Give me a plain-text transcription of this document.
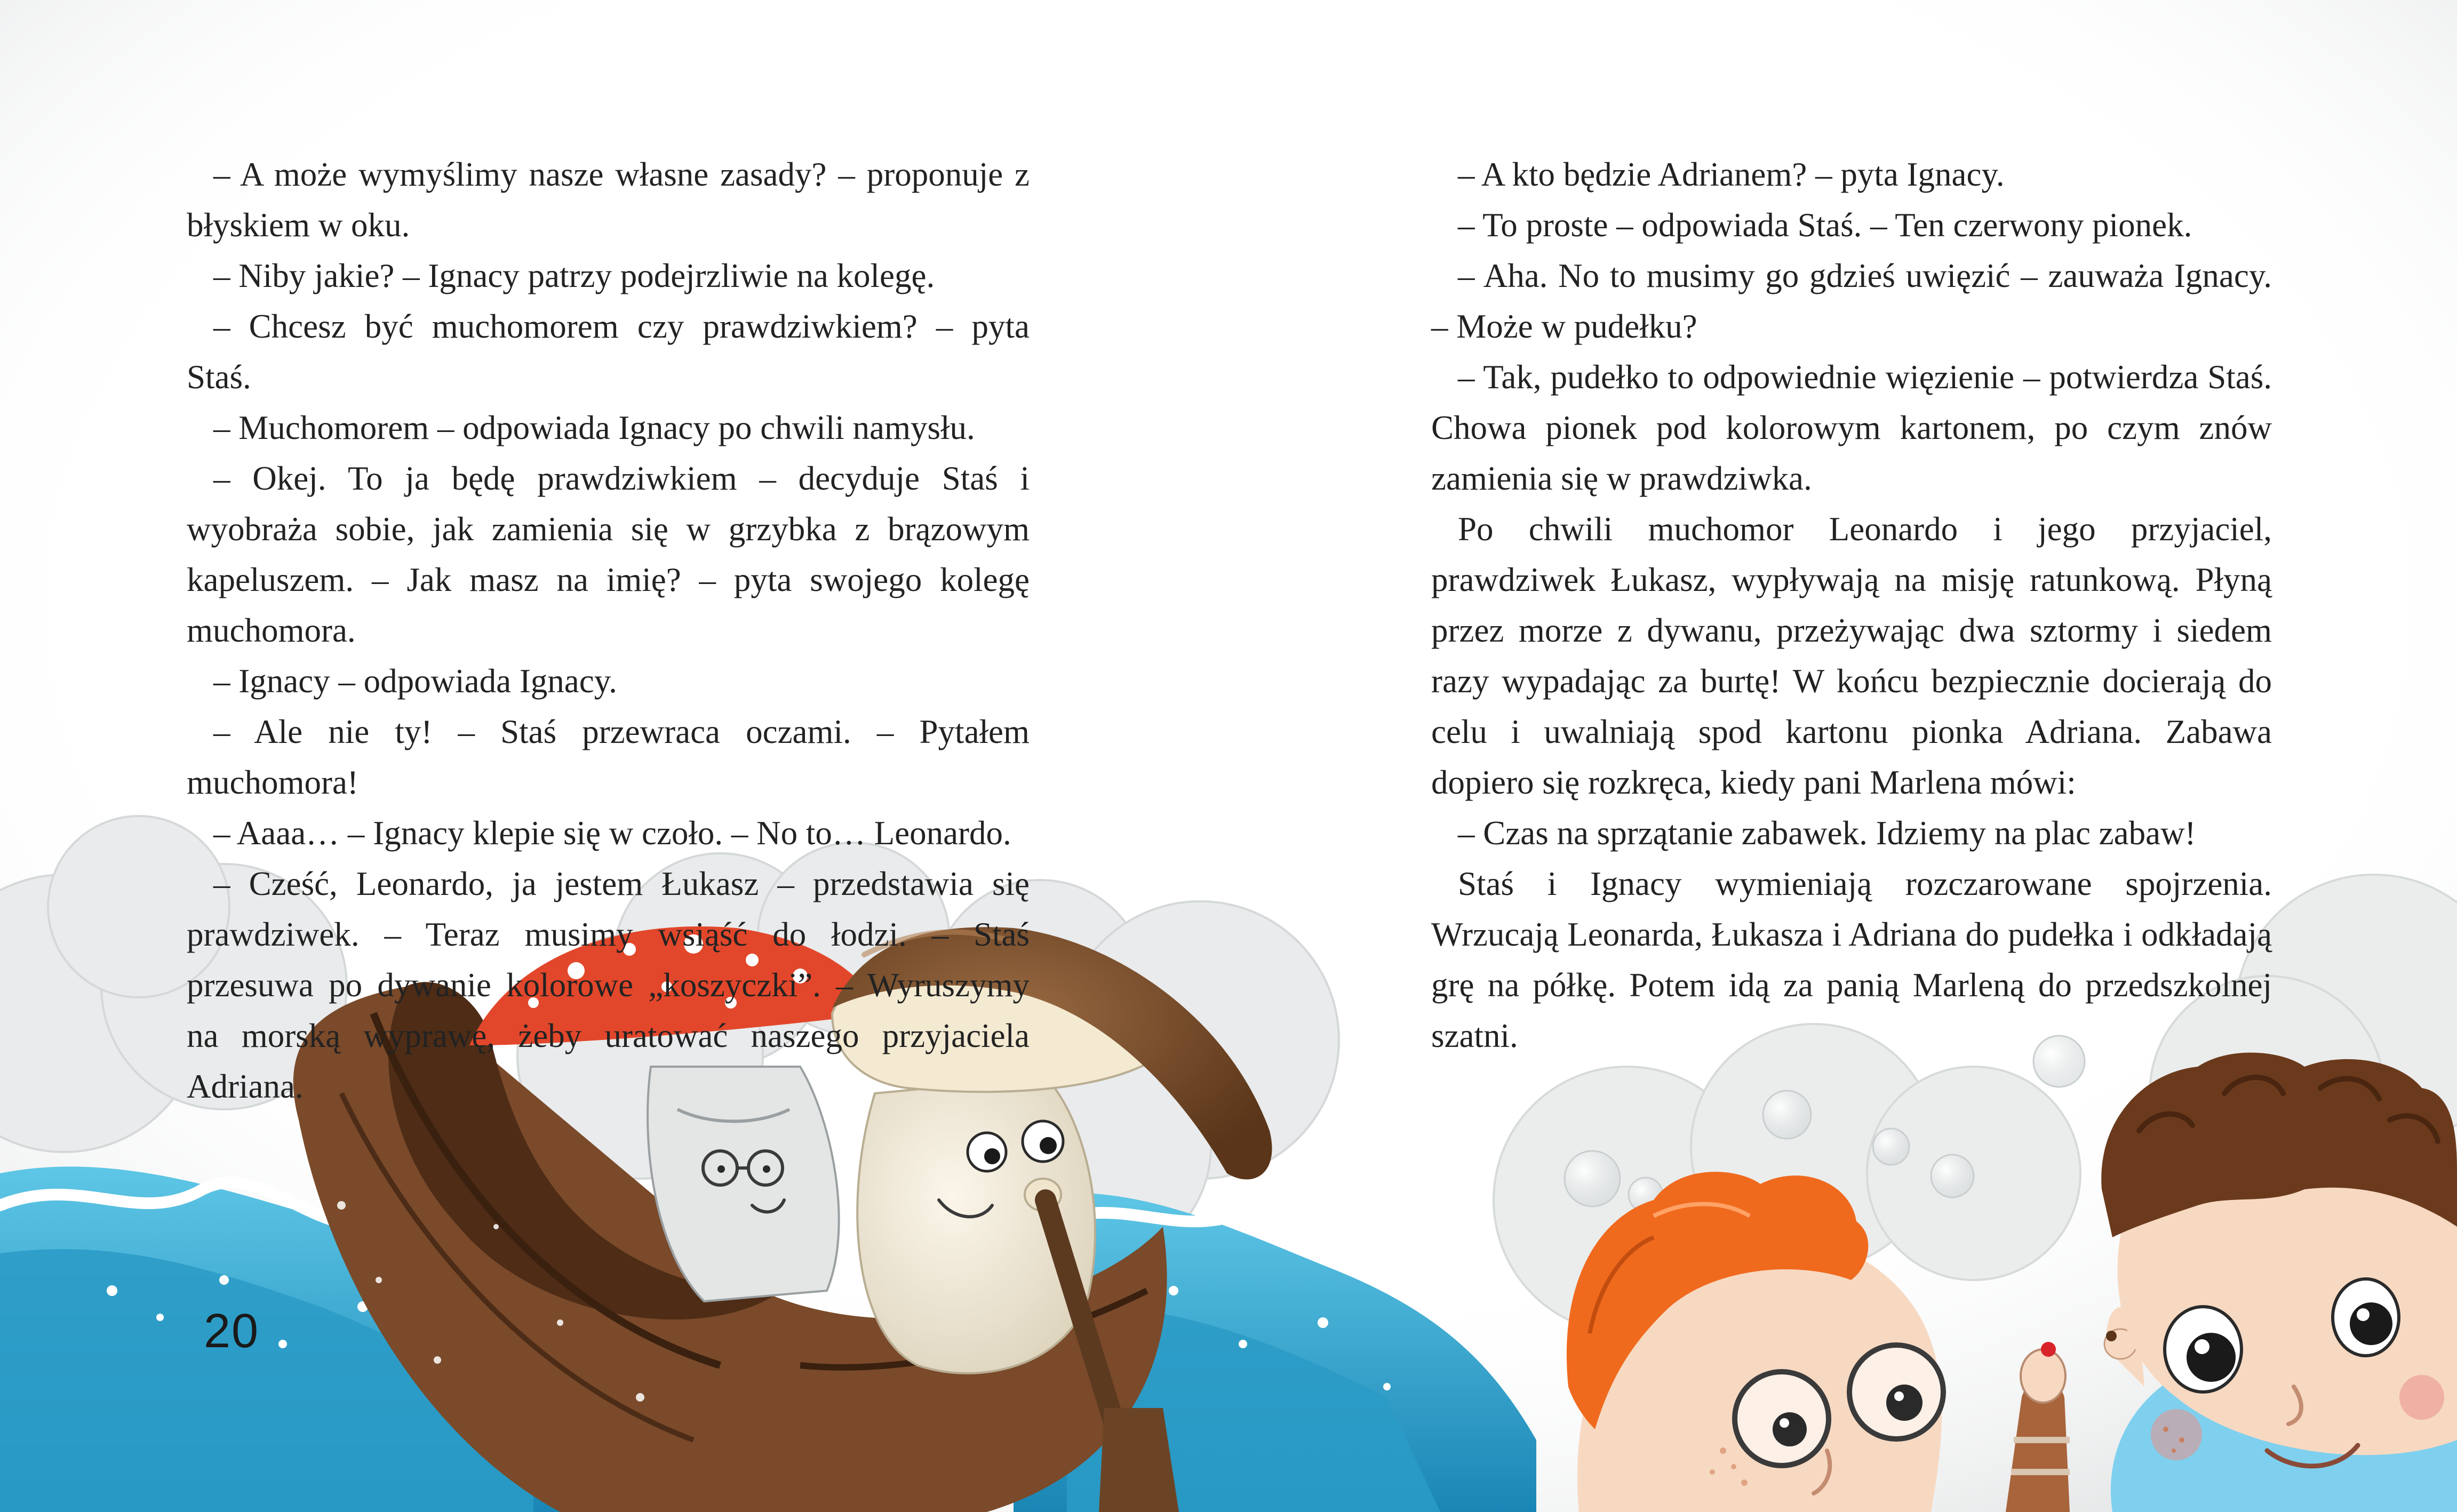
– A może wymyślimy nasze własne zasady? – proponuje z błyskiem w oku.

– Niby jakie? – Ignacy patrzy podejrzliwie na kolegę.

– Chcesz być muchomorem czy prawdziwkiem? – pyta Staś.

– Muchomorem – odpowiada Ignacy po chwili namysłu.

– Okej. To ja będę prawdziwkiem – decyduje Staś i wyobraża sobie, jak zamienia się w grzybka z brązowym kapeluszem. – Jak masz na imię? – pyta swojego kolegę muchomora.

– Ignacy – odpowiada Ignacy.

– Ale nie ty! – Staś przewraca oczami. – Pytałem muchomora!

– Aaaa… – Ignacy klepie się w czoło. – No to… Leonardo.

– Cześć, Leonardo, ja jestem Łukasz – przedstawia się prawdziwek. – Teraz musimy wsiąść do łodzi. – Staś przesuwa po dywanie kolorowe „koszyczki”. – Wyruszymy na morską wyprawę, żeby uratować naszego przyjaciela Adriana.

– A kto będzie Adrianem? – pyta Ignacy.

– To proste – odpowiada Staś. – Ten czerwony pionek.

– Aha. No to musimy go gdzieś uwięzić – zauważa Ignacy. – Może w pudełku?

– Tak, pudełko to odpowiednie więzienie – potwierdza Staś. Chowa pionek pod kolorowym kartonem, po czym znów zamienia się w prawdziwka.

Po chwili muchomor Leonardo i jego przyjaciel, prawdziwek Łukasz, wypływają na misję ratunkową. Płyną przez morze z dywanu, przeżywając dwa sztormy i siedem razy wypadając za burtę! W końcu bezpiecznie docierają do celu i uwalniają spod kartonu pionka Adriana. Zabawa dopiero się rozkręca, kiedy pani Marlena mówi:

– Czas na sprzątanie zabawek. Idziemy na plac zabaw!

Staś i Ignacy wymieniają rozczarowane spojrzenia. Wrzucają Leonarda, Łukasza i Adriana do pudełka i odkładają grę na półkę. Potem idą za panią Marleną do przedszkolnej szatni.

20
